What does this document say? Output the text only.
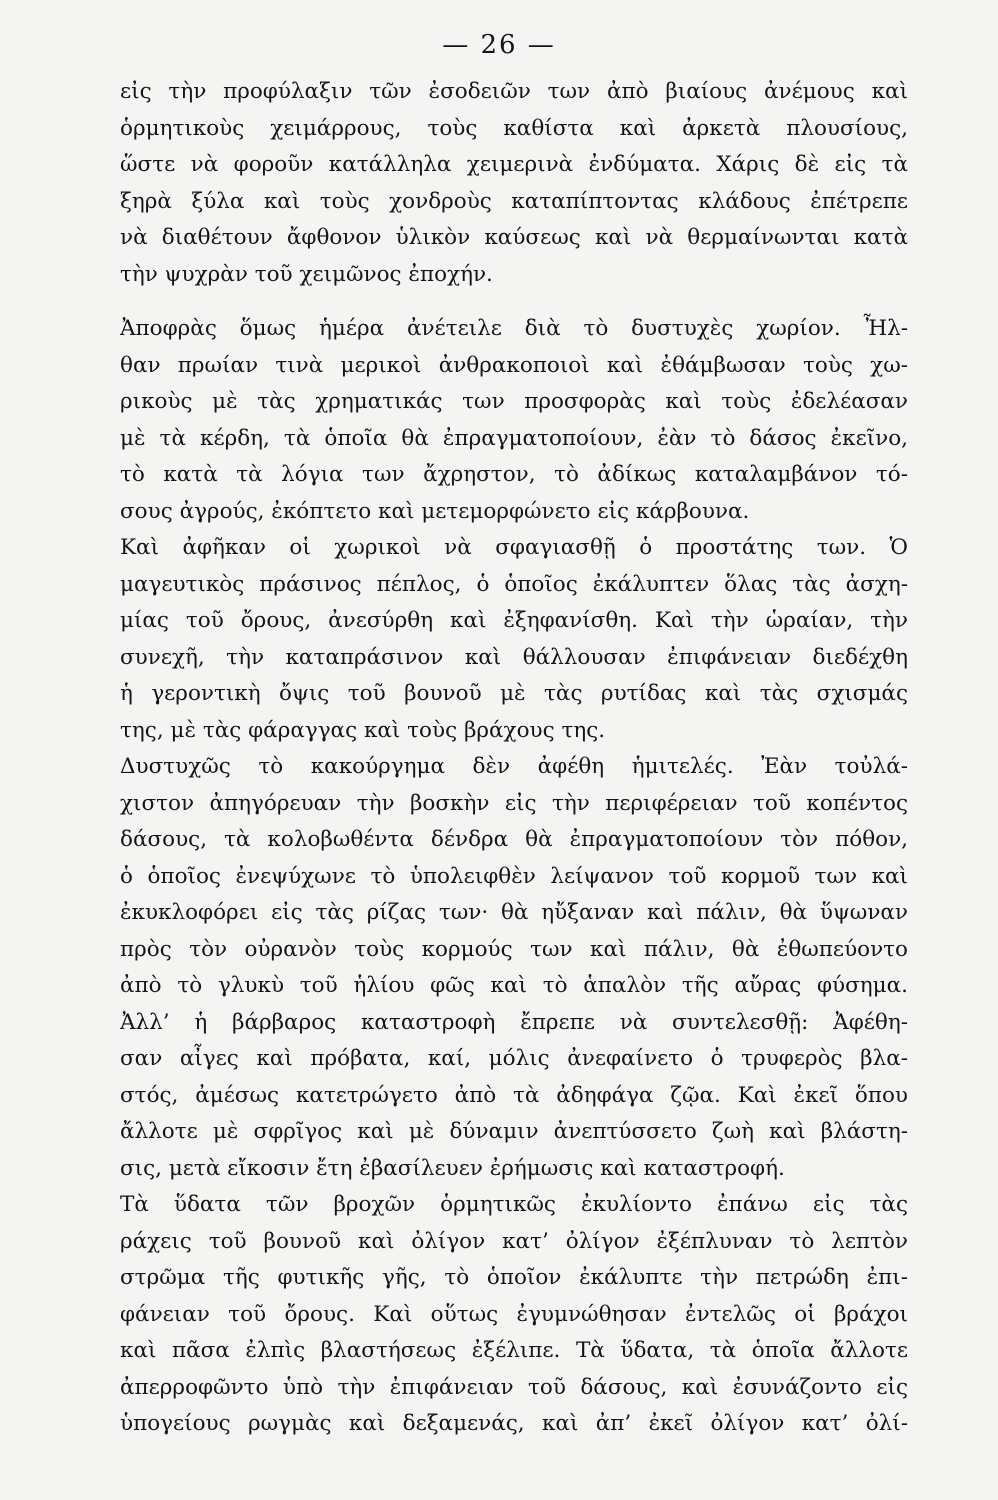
— 26 —
εἰς τὴν προφύλαξιν τῶν ἐσοδειῶν των ἀπὸ βιαίους ἀνέμους καὶ
ὁρμητικοὺς χειμάρρους, τοὺς καθίστα καὶ ἀρκετὰ πλουσίους,
ὥστε νὰ φοροῦν κατάλληλα χειμερινὰ ἐνδύματα. Χάρις δὲ εἰς τὰ
ξηρὰ ξύλα καὶ τοὺς χονδροὺς καταπίπτοντας κλάδους ἐπέτρεπε
νὰ διαθέτουν ἄφθονον ὑλικὸν καύσεως καὶ νὰ θερμαίνωνται κατὰ
τὴν ψυχρὰν τοῦ χειμῶνος ἐποχήν.
Ἀποφρὰς ὅμως ἡμέρα ἀνέτειλε διὰ τὸ δυστυχὲς χωρίον. Ἦλ-
θαν πρωίαν τινὰ μερικοὶ ἀνθρακοποιοὶ καὶ ἐθάμβωσαν τοὺς χω-
ρικοὺς μὲ τὰς χρηματικάς των προσφορὰς καὶ τοὺς ἐδελέασαν
μὲ τὰ κέρδη, τὰ ὁποῖα θὰ ἐπραγματοποίουν, ἐὰν τὸ δάσος ἐκεῖνο,
τὸ κατὰ τὰ λόγια των ἄχρηστον, τὸ ἀδίκως καταλαμβάνον τό-
σους ἀγρούς, ἐκόπτετο καὶ μετεμορφώνετο εἰς κάρβουνα.
Καὶ ἀφῆκαν οἱ χωρικοὶ νὰ σφαγιασθῇ ὁ προστάτης των. Ὁ
μαγευτικὸς πράσινος πέπλος, ὁ ὁποῖος ἐκάλυπτεν ὅλας τὰς ἀσχη-
μίας τοῦ ὄρους, ἀνεσύρθη καὶ ἐξηφανίσθη. Καὶ τὴν ὡραίαν, τὴν
συνεχῆ, τὴν καταπράσινον καὶ θάλλουσαν ἐπιφάνειαν διεδέχθη
ἡ γεροντικὴ ὄψις τοῦ βουνοῦ μὲ τὰς ρυτίδας καὶ τὰς σχισμάς
της, μὲ τὰς φάραγγας καὶ τοὺς βράχους της.
Δυστυχῶς τὸ κακούργημα δὲν ἀφέθη ἡμιτελές. Ἐὰν τοὐλά-
χιστον ἀπηγόρευαν τὴν βοσκὴν εἰς τὴν περιφέρειαν τοῦ κοπέντος
δάσους, τὰ κολοβωθέντα δένδρα θὰ ἐπραγματοποίουν τὸν πόθον,
ὁ ὁποῖος ἐνεψύχωνε τὸ ὑπολειφθὲν λείψανον τοῦ κορμοῦ των καὶ
ἐκυκλοφόρει εἰς τὰς ρίζας των· θὰ ηὔξαναν καὶ πάλιν, θὰ ὕψωναν
πρὸς τὸν οὐρανὸν τοὺς κορμούς των καὶ πάλιν, θὰ ἐθωπεύοντο
ἀπὸ τὸ γλυκὺ τοῦ ἡλίου φῶς καὶ τὸ ἁπαλὸν τῆς αὔρας φύσημα.
Ἀλλ’ ἡ βάρβαρος καταστροφὴ ἔπρεπε νὰ συντελεσθῇ: Ἀφέθη-
σαν αἶγες καὶ πρόβατα, καί, μόλις ἀνεφαίνετο ὁ τρυφερὸς βλα-
στός, ἀμέσως κατετρώγετο ἀπὸ τὰ ἀδηφάγα ζῷα. Καὶ ἐκεῖ ὅπου
ἄλλοτε μὲ σφρῖγος καὶ μὲ δύναμιν ἀνεπτύσσετο ζωὴ καὶ βλάστη-
σις, μετὰ εἴκοσιν ἔτη ἐβασίλευεν ἐρήμωσις καὶ καταστροφή.
Τὰ ὕδατα τῶν βροχῶν ὁρμητικῶς ἐκυλίοντο ἐπάνω εἰς τὰς
ράχεις τοῦ βουνοῦ καὶ ὀλίγον κατ’ ὀλίγον ἐξέπλυναν τὸ λεπτὸν
στρῶμα τῆς φυτικῆς γῆς, τὸ ὁποῖον ἐκάλυπτε τὴν πετρώδη ἐπι-
φάνειαν τοῦ ὄρους. Καὶ οὕτως ἐγυμνώθησαν ἐντελῶς οἱ βράχοι
καὶ πᾶσα ἐλπὶς βλαστήσεως ἐξέλιπε. Τὰ ὕδατα, τὰ ὁποῖα ἄλλοτε
ἀπερροφῶντο ὑπὸ τὴν ἐπιφάνειαν τοῦ δάσους, καὶ ἐσυνάζοντο εἰς
ὑπογείους ρωγμὰς καὶ δεξαμενάς, καὶ ἀπ’ ἐκεῖ ὀλίγον κατ’ ὀλί-
